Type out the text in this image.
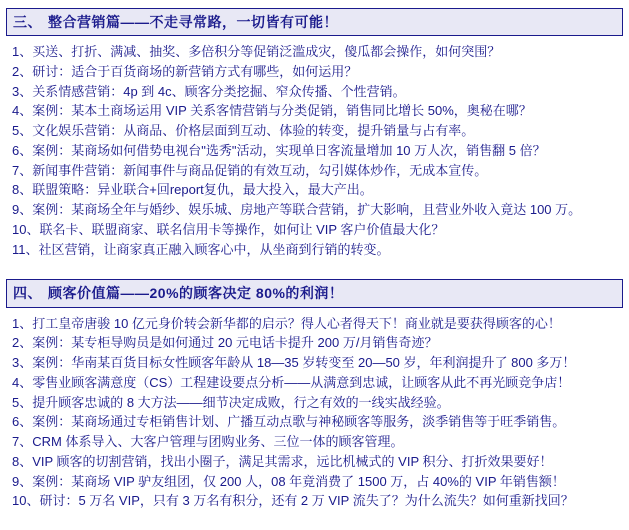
三、 整合营销篇——不走寻常路，一切皆有可能！
1、买送、打折、满减、抽奖、多倍积分等促销泛滥成灾，傻瓜都会操作，如何突围？
2、研讨：适合于百货商场的新营销方式有哪些，如何运用？
3、关系情感营销：4p 到 4c、顾客分类挖掘、窄众传播、个性营销。
4、案例：某本土商场运用 VIP 关系客情营销与分类促销，销售同比增长 50%，奥秘在哪？
5、文化娱乐营销：从商品、价格层面到互动、体验的转变，提升销量与占有率。
6、案例：某商场如何借势电视台"选秀"活动，实现单日客流量增加 10 万人次，销售翻 5 倍？
7、新闻事件营销：新闻事件与商品促销的有效互动，勾引媒体炒作，无成本宣传。
8、联盟策略：异业联合+回report复仇，最大投入，最大产出。
9、案例：某商场全年与婚纱、娱乐城、房地产等联合营销，扩大影响，且营业外收入竟达 100 万。
10、联名卡、联盟商家、联名信用卡等操作，如何让 VIP 客户价值最大化？
11、社区营销，让商家真正融入顾客心中，从坐商到行销的转变。
四、 顾客价值篇——20%的顾客决定 80%的利润！
1、打工皇帝唐骏 10 亿元身价转会新华都的启示？得人心者得天下！商业就是要获得顾客的心！
2、案例：某专柜导购员是如何通过 20 元电话卡提升 200 万/月销售奇迹？
3、案例：华南某百货目标女性顾客年龄从 18—35 岁转变至 20—50 岁，年利润提升了 800 多万！
4、零售业顾客满意度（CS）工程建设要点分析——从满意到忠诚，让顾客从此不再光顾竞争店！
5、提升顾客忠诚的 8 大方法——细节决定成败，行之有效的一线实战经验。
6、案例：某商场通过专柜销售计划、广播互动点歌与神秘顾客等服务，淡季销售等于旺季销售。
7、CRM 体系导入、大客户管理与团购业务、三位一体的顾客管理。
8、VIP 顾客的切割营销，找出小圈子，满足其需求，远比机械式的 VIP 积分、打折效果要好！
9、案例：某商场 VIP 驴友组团，仅 200 人，08 年竟消费了 1500 万，占 40%的 VIP 年销售额！
10、研讨：5 万名 VIP，只有 3 万名有积分，还有 2 万 VIP 流失了？为什么流失？如何重新找回？
